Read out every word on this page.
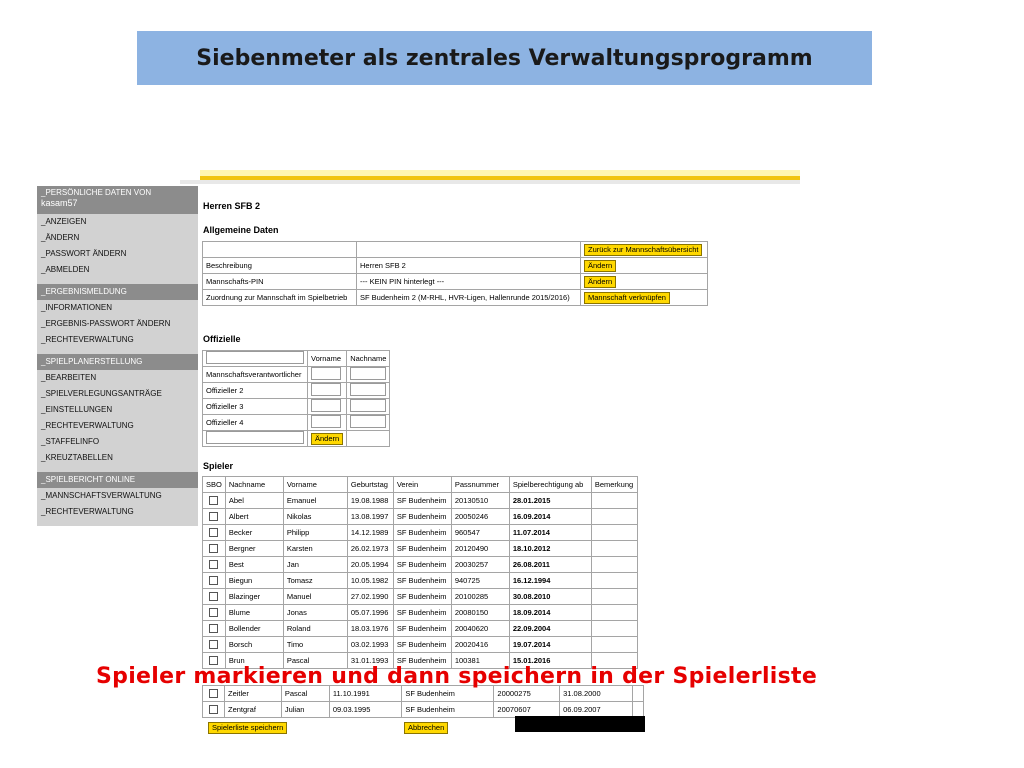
Siebenmeter als zentrales Verwaltungsprogramm
_PERSÖNLICHE DATEN VON
kasam57
_ANZEIGEN
_ÄNDERN
_PASSWORT ÄNDERN
_ABMELDEN
_ERGEBNISMELDUNG
_INFORMATIONEN
_ERGEBNIS-PASSWORT ÄNDERN
_RECHTEVERWALTUNG
_SPIELPLANERSTELLUNG
_BEARBEITEN
_SPIELVERLEGUNGSANTRÄGE
_EINSTELLUNGEN
_RECHTEVERWALTUNG
_STAFFELINFO
_KREUZTABELLEN
_SPIELBERICHT ONLINE
_MANNSCHAFTSVERWALTUNG
_RECHTEVERWALTUNG
Herren SFB 2
Allgemeine Daten
		Zurück zur Mannschaftsübersicht
Beschreibung	Herren SFB 2	Ändern
Mannschafts-PIN	--- KEIN PIN hinterlegt ---	Ändern
Zuordnung zur Mannschaft im Spielbetrieb	SF Budenheim 2 (M-RHL, HVR-Ligen, Hallenrunde 2015/2016)	Mannschaft verknüpfen
Offizielle
	Vorname	Nachname
Mannschaftsverantwortlicher		
Offizieller 2		
Offizieller 3		
Offizieller 4		
	Ändern	
Spieler
SBO	Nachname	Vorname	Geburtstag	Verein	Passnummer	Spielberechtigung ab	Bemerkung
	Abel	Emanuel	19.08.1988	SF Budenheim	20130510	28.01.2015	
	Albert	Nikolas	13.08.1997	SF Budenheim	20050246	16.09.2014	
	Becker	Philipp	14.12.1989	SF Budenheim	960547	11.07.2014	
	Bergner	Karsten	26.02.1973	SF Budenheim	20120490	18.10.2012	
	Best	Jan	20.05.1994	SF Budenheim	20030257	26.08.2011	
	Biegun	Tomasz	10.05.1982	SF Budenheim	940725	16.12.1994	
	Blazinger	Manuel	27.02.1990	SF Budenheim	20100285	30.08.2010	
	Blume	Jonas	05.07.1996	SF Budenheim	20080150	18.09.2014	
	Bollender	Roland	18.03.1976	SF Budenheim	20040620	22.09.2004	
	Borsch	Timo	03.02.1993	SF Budenheim	20020416	19.07.2014	
	Brun	Pascal	31.01.1993	SF Budenheim	100381	15.01.2016	
	Zeitler	Pascal	11.10.1991	SF Budenheim	20000275	31.08.2000	
	Zentgraf	Julian	09.03.1995	SF Budenheim	20070607	06.09.2007	
Spielerliste speichern	Abbrechen
Spieler markieren und dann speichern in der Spielerliste
